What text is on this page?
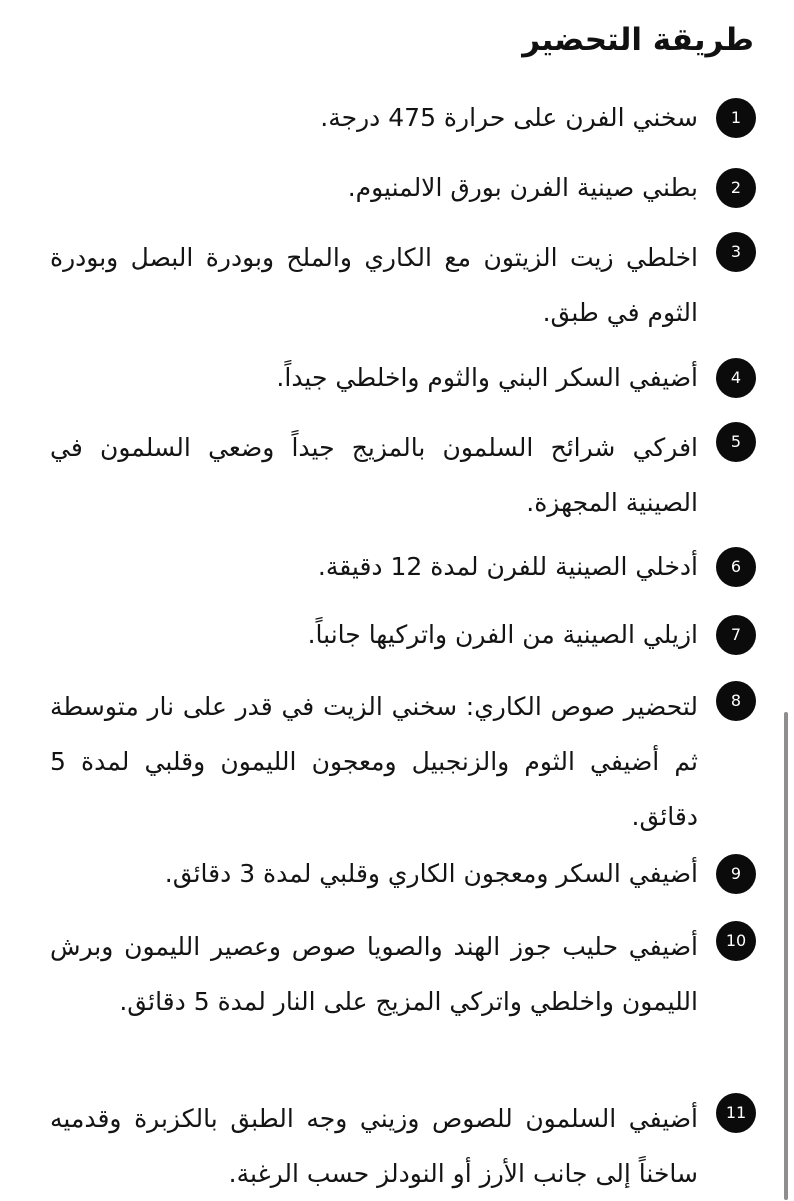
طريقة التحضير
1

سخني الفرن على حرارة 475 درجة.

2

بطني صينية الفرن بورق الالمنيوم.

3

اخلطي زيت الزيتون مع الكاري والملح وبودرة البصل وبودرة الثوم في طبق.

4

أضيفي السكر البني والثوم واخلطي جيداً.

5

افركي شرائح السلمون بالمزيج جيداً وضعي السلمون في الصينية المجهزة.

6

أدخلي الصينية للفرن لمدة 12 دقيقة.

7

ازيلي الصينية من الفرن واتركيها جانباً.

8

لتحضير صوص الكاري: سخني الزيت في قدر على نار متوسطة ثم أضيفي الثوم والزنجبيل ومعجون الليمون وقلبي لمدة 5 دقائق.

9

أضيفي السكر ومعجون الكاري وقلبي لمدة 3 دقائق.

10

أضيفي حليب جوز الهند والصويا صوص وعصير الليمون وبرش الليمون واخلطي واتركي المزيج على النار لمدة 5 دقائق.

11

أضيفي السلمون للصوص وزيني وجه الطبق بالكزبرة وقدميه ساخناً إلى جانب الأرز أو النودلز حسب الرغبة.
